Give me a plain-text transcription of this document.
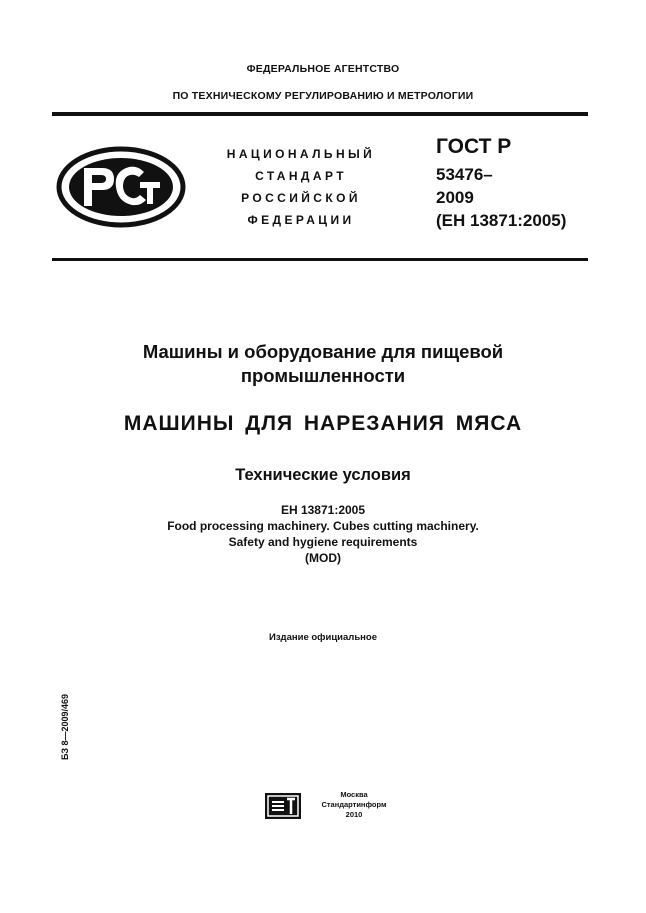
ФЕДЕРАЛЬНОЕ АГЕНТСТВО
ПО ТЕХНИЧЕСКОМУ РЕГУЛИРОВАНИЮ И МЕТРОЛОГИИ
НАЦИОНАЛЬНЫЙ
СТАНДАРТ
РОССИЙСКОЙ
ФЕДЕРАЦИИ
ГОСТ Р
53476–
2009
(ЕН 13871:2005)
Машины и оборудование для пищевой
промышленности
МАШИНЫ ДЛЯ НАРЕЗАНИЯ МЯСА
Технические условия
ЕН 13871:2005
Food processing machinery. Cubes cutting machinery.
Safety and hygiene requirements
(MOD)
Издание официальное
БЗ 8—2009/469
Москва
Стандартинформ
2010
